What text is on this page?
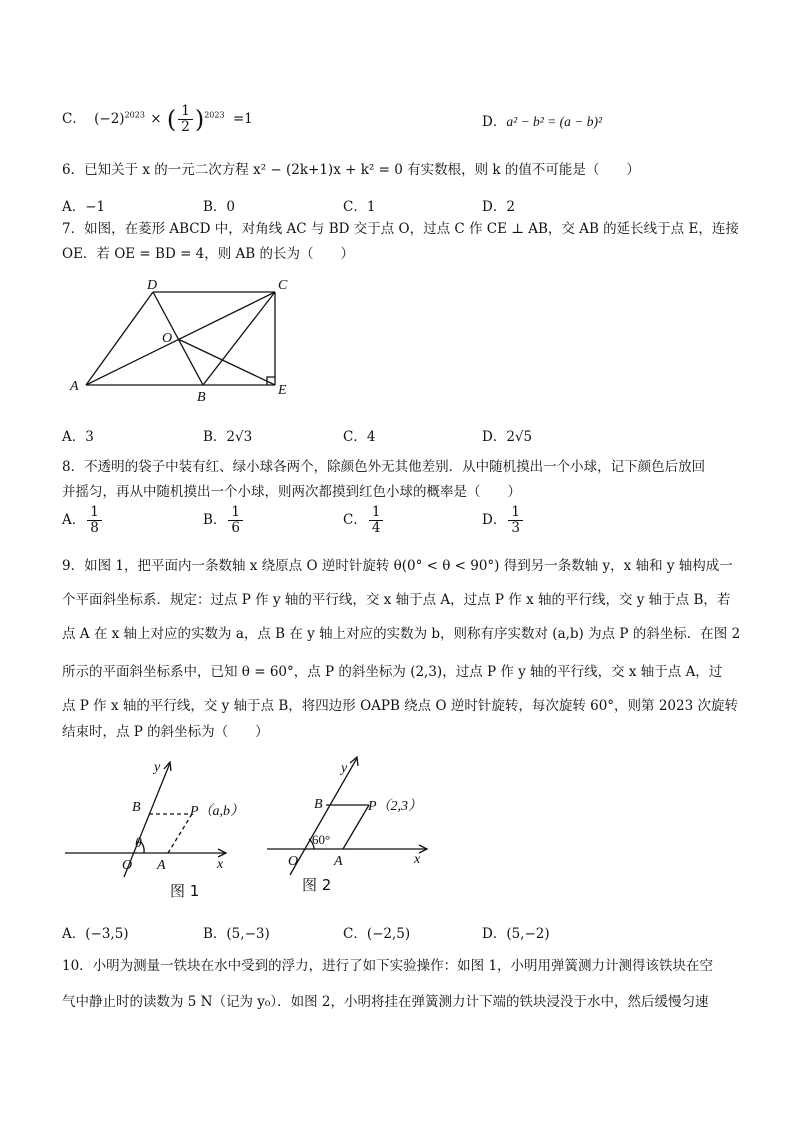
C． $(-2)^{2023}$ × ( $\frac{1}{2} )^{2023} =1$	D．a² − b² = (a − b)²
6．已知关于 x 的一元二次方程 x² − (2k+1)x + k² = 0 有实数根，则 k 的值不可能是（　　）
A．−1	B．0	C．1	D．2
7．如图，在菱形 ABCD 中，对角线 AC 与 BD 交于点 O，过点 C 作 CE ⊥ AB，交 AB 的延长线于点 E，连接
OE．若 OE = BD = 4，则 AB 的长为（　　）
D	C
O
A
B	E
A．3	B．2√3	C．4	D．2√5
8．不透明的袋子中装有红、绿小球各两个，除颜色外无其他差别．从中随机摸出一个小球，记下颜色后放回
并摇匀，再从中随机摸出一个小球，则两次都摸到红色小球的概率是（　　）
A． $\frac{1}{8}$	B． $\frac{1}{6}$	C． $\frac{1}{4}$	D． $\frac{1}{3}$
9．如图 1，把平面内一条数轴 x 绕原点 O 逆时针旋转 θ(0° < θ < 90°) 得到另一条数轴 y，x 轴和 y 轴构成一
个平面斜坐标系．规定：过点 P 作 y 轴的平行线，交 x 轴于点 A，过点 P 作 x 轴的平行线，交 y 轴于点 B，若
点 A 在 x 轴上对应的实数为 a，点 B 在 y 轴上对应的实数为 b，则称有序实数对 (a,b) 为点 P 的斜坐标．在图 2
所示的平面斜坐标系中，已知 θ = 60°，点 P 的斜坐标为 (2,3)，过点 P 作 y 轴的平行线，交 x 轴于点 A，过
点 P 作 x 轴的平行线，交 y 轴于点 B，将四边形 OAPB 绕点 O 逆时针旋转，每次旋转 60°，则第 2023 次旋转
结束时，点 P 的斜坐标为（　　）
y
B	P（a,b）
θ
O A	x
图 1
y
B	P（2,3）
O	A	x
60°
图 2
A．(−3,5)	B．(5,−3)	C．(−2,5)	D．(5,−2)
10．小明为测量一铁块在水中受到的浮力，进行了如下实验操作：如图 1，小明用弹簧测力计测得该铁块在空
气中静止时的读数为 5 N（记为 y₀）．如图 2，小明将挂在弹簧测力计下端的铁块浸没于水中，然后缓慢匀速
